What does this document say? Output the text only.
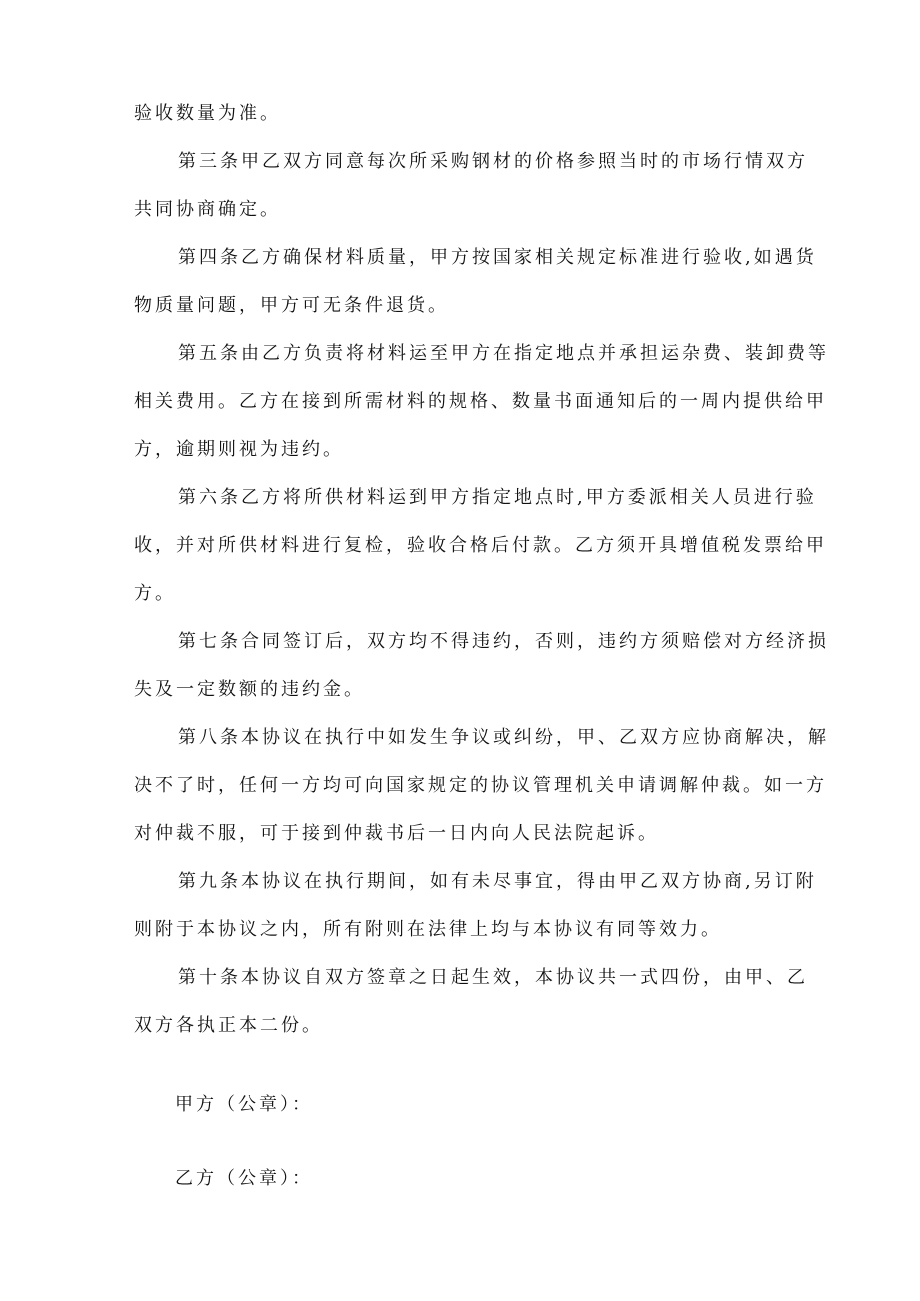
验收数量为准。
第三条甲乙双方同意每次所采购钢材的价格参照当时的市场行情双方
共同协商确定。
第四条乙方确保材料质量，甲方按国家相关规定标准进行验收,如遇货
物质量问题，甲方可无条件退货。
第五条由乙方负责将材料运至甲方在指定地点并承担运杂费、装卸费等
相关费用。乙方在接到所需材料的规格、数量书面通知后的一周内提供给甲
方，逾期则视为违约。
第六条乙方将所供材料运到甲方指定地点时,甲方委派相关人员进行验
收，并对所供材料进行复检，验收合格后付款。乙方须开具增值税发票给甲
方。
第七条合同签订后，双方均不得违约，否则，违约方须赔偿对方经济损
失及一定数额的违约金。
第八条本协议在执行中如发生争议或纠纷，甲、乙双方应协商解决，解
决不了时，任何一方均可向国家规定的协议管理机关申请调解仲裁。如一方
对仲裁不服，可于接到仲裁书后一日内向人民法院起诉。
第九条本协议在执行期间，如有未尽事宜，得由甲乙双方协商,另订附
则附于本协议之内，所有附则在法律上均与本协议有同等效力。
第十条本协议自双方签章之日起生效，本协议共一式四份，由甲、乙
双方各执正本二份。
甲方（公章）：
乙方（公章）：
